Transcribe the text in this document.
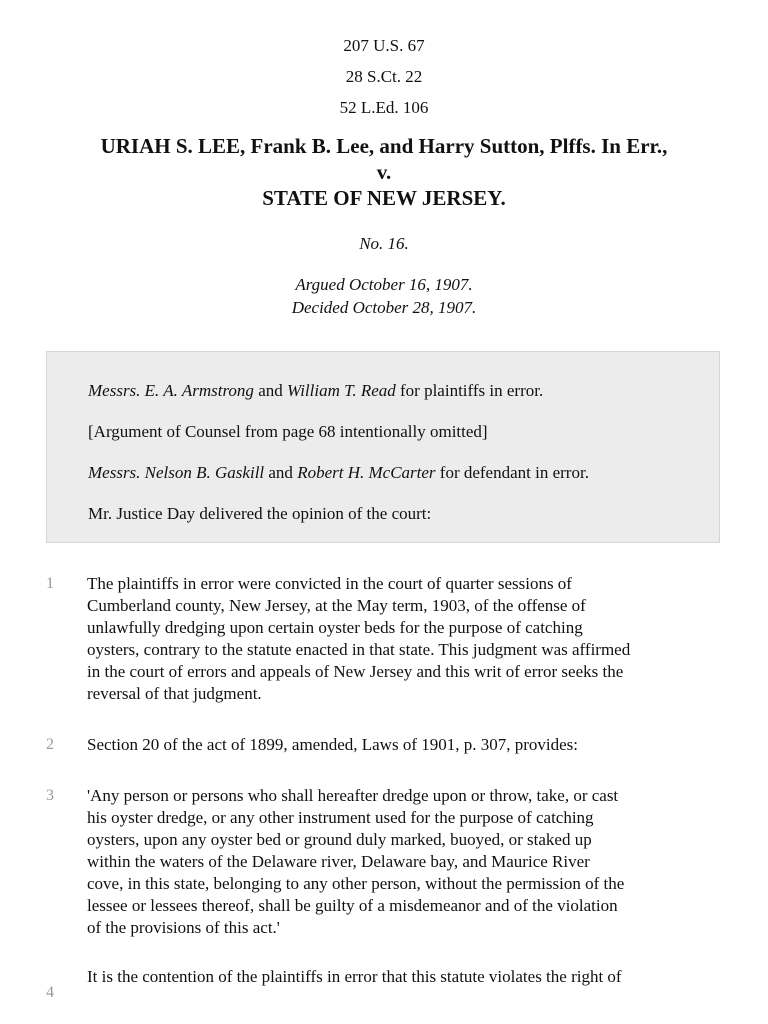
207 U.S. 67
28 S.Ct. 22
52 L.Ed. 106
URIAH S. LEE, Frank B. Lee, and Harry Sutton, Plffs. In Err.,
v.
STATE OF NEW JERSEY.
No. 16.
Argued October 16, 1907.
Decided October 28, 1907.

Messrs. E. A. Armstrong and William T. Read for plaintiffs in error.

[Argument of Counsel from page 68 intentionally omitted]

Messrs. Nelson B. Gaskill and Robert H. McCarter for defendant in error.

Mr. Justice Day delivered the opinion of the court:

1 The plaintiffs in error were convicted in the court of quarter sessions of
Cumberland county, New Jersey, at the May term, 1903, of the offense of
unlawfully dredging upon certain oyster beds for the purpose of catching
oysters, contrary to the statute enacted in that state. This judgment was affirmed
in the court of errors and appeals of New Jersey and this writ of error seeks the
reversal of that judgment.
2 Section 20 of the act of 1899, amended, Laws of 1901, p. 307, provides:
3 'Any person or persons who shall hereafter dredge upon or throw, take, or cast
his oyster dredge, or any other instrument used for the purpose of catching
oysters, upon any oyster bed or ground duly marked, buoyed, or staked up
within the waters of the Delaware river, Delaware bay, and Maurice River
cove, in this state, belonging to any other person, without the permission of the
lessee or lessees thereof, shall be guilty of a misdemeanor and of the violation
of the provisions of this act.'
4
It is the contention of the plaintiffs in error that this statute violates the right of
